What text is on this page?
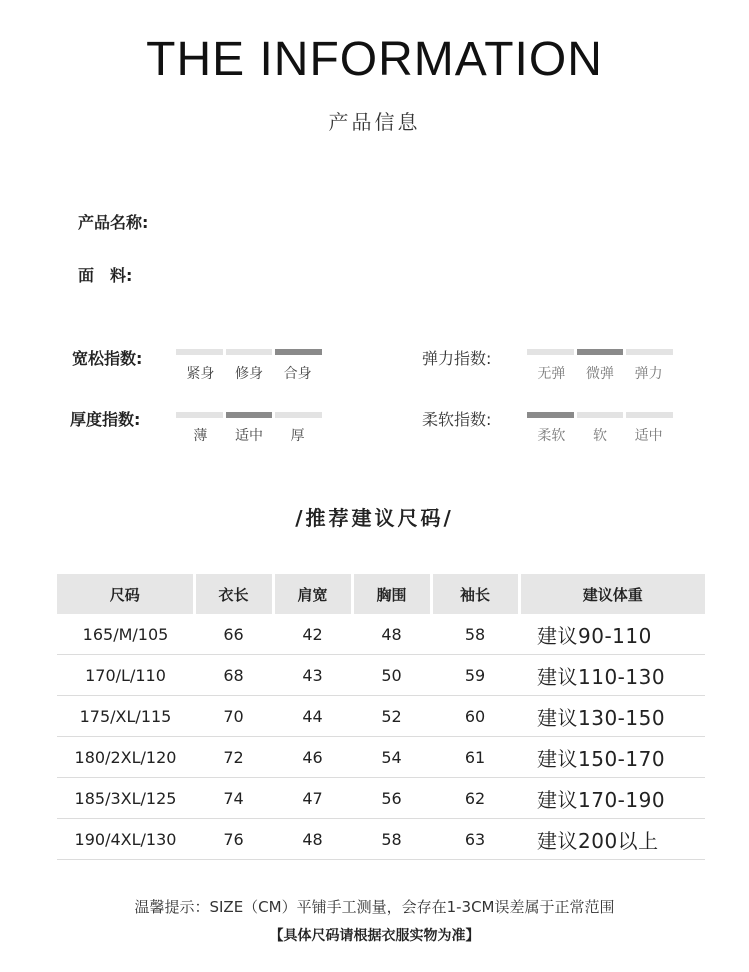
THE INFORMATION
产品信息
产品名称:
面　料:
宽松指数:
紧身	修身	合身
弹力指数:
无弹	微弹	弹力
厚度指数:
薄	适中	厚
柔软指数:
柔软	软	适中
/推荐建议尺码/
尺码	衣长	肩宽	胸围	袖长	建议体重
165/M/105	66	42	48	58	建议90-110
170/L/110	68	43	50	59	建议110-130
175/XL/115	70	44	52	60	建议130-150
180/2XL/120	72	46	54	61	建议150-170
185/3XL/125	74	47	56	62	建议170-190
190/4XL/130	76	48	58	63	建议200以上
温馨提示：SIZE（CM）平铺手工测量，会存在1-3CM误差属于正常范围
【具体尺码请根据衣服实物为准】
